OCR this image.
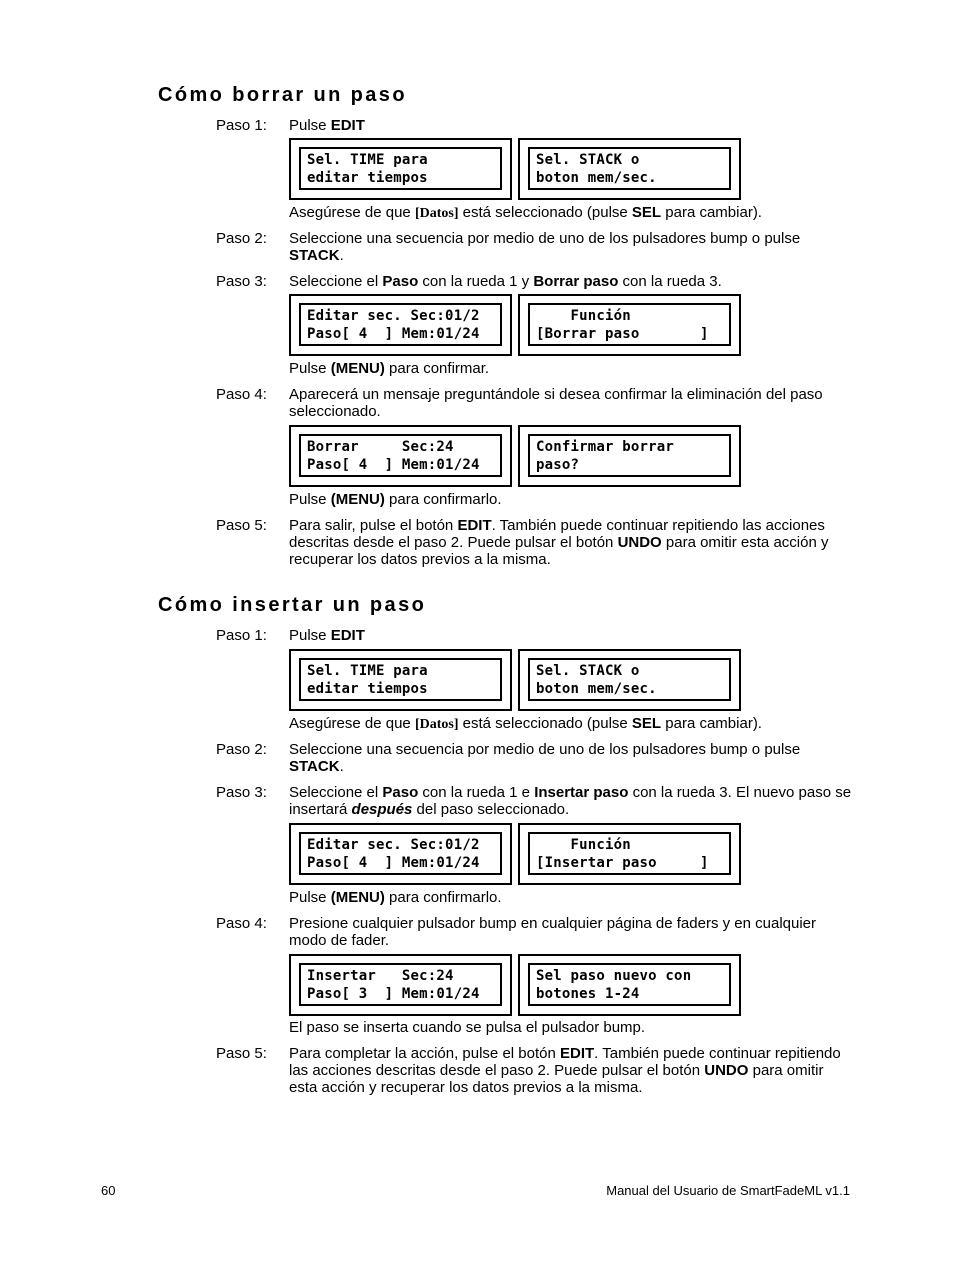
Cómo borrar un paso
Paso 1: Pulse EDIT
Sel. TIME para
editar tiempos
Sel. STACK o
boton mem/sec.
Asegúrese de que [Datos] está seleccionado (pulse SEL para cambiar).
Paso 2: Seleccione una secuencia por medio de uno de los pulsadores bump o pulse
STACK.
Paso 3: Seleccione el Paso con la rueda 1 y Borrar paso con la rueda 3.
Editar sec. Sec:01/2
Paso[ 4  ] Mem:01/24
Función
[Borrar paso       ]
Pulse (MENU) para confirmar.
Paso 4: Aparecerá un mensaje preguntándole si desea confirmar la eliminación del paso seleccionado.
Borrar     Sec:24
Paso[ 4  ] Mem:01/24
Confirmar borrar
paso?
Pulse (MENU) para confirmarlo.
Paso 5: Para salir, pulse el botón EDIT. También puede continuar repitiendo las acciones descritas desde el paso 2. Puede pulsar el botón UNDO para omitir esta acción y recuperar los datos previos a la misma.
Cómo insertar un paso
Paso 1: Pulse EDIT
Sel. TIME para
editar tiempos
Sel. STACK o
boton mem/sec.
Asegúrese de que [Datos] está seleccionado (pulse SEL para cambiar).
Paso 2: Seleccione una secuencia por medio de uno de los pulsadores bump o pulse
STACK.
Paso 3: Seleccione el Paso con la rueda 1 e Insertar paso con la rueda 3. El nuevo paso se insertará después del paso seleccionado.
Editar sec. Sec:01/2
Paso[ 4  ] Mem:01/24
Función
[Insertar paso     ]
Pulse (MENU) para confirmarlo.
Paso 4: Presione cualquier pulsador bump en cualquier página de faders y en cualquier modo de fader.
Insertar   Sec:24
Paso[ 3  ] Mem:01/24
Sel paso nuevo con
botones 1-24
El paso se inserta cuando se pulsa el pulsador bump.
Paso 5: Para completar la acción, pulse el botón EDIT. También puede continuar repitiendo las acciones descritas desde el paso 2. Puede pulsar el botón UNDO para omitir esta acción y recuperar los datos previos a la misma.
60	Manual del Usuario de SmartFadeML v1.1
